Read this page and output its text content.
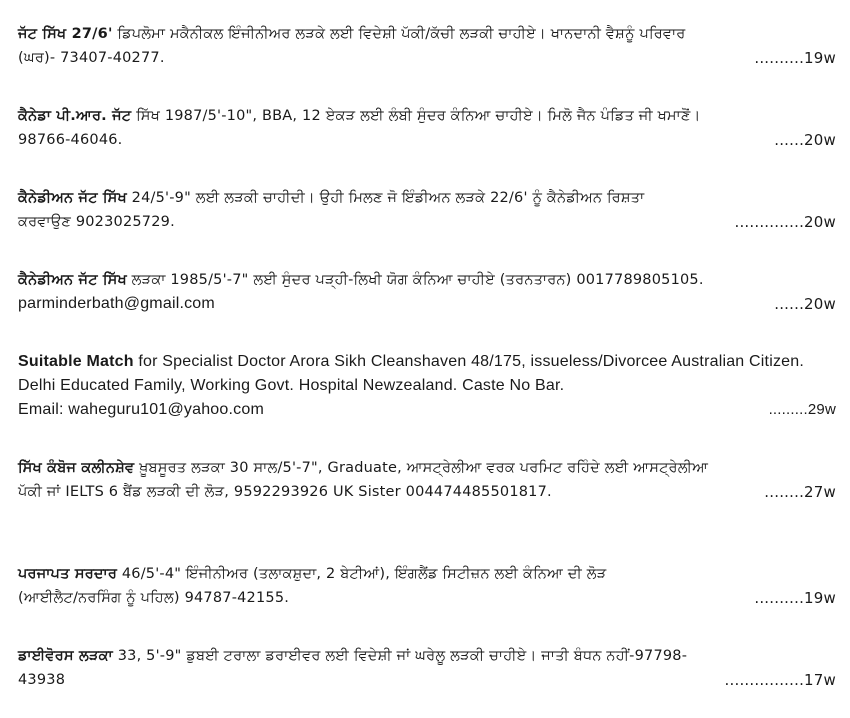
ਜੱਟ ਸਿੱਖ 27/6' ਡਿਪਲੋਮਾ ਮਕੈਨੀਕਲ ਇੰਜੀਨੀਅਰ ਲੜਕੇ ਲਈ ਵਿਦੇਸ਼ੀ ਪੱਕੀ/ਕੱਚੀ ਲੜਕੀ ਚਾਹੀਏ। ਖਾਨਦਾਨੀ ਵੈਸ਼ਨੂੰ ਪਰਿਵਾਰ
(ਘਰ)- 73407-40277.	..........19w
ਕੈਨੇਡਾ ਪੀ.ਆਰ. ਜੱਟ ਸਿੱਖ 1987/5'-10", BBA, 12 ਏਕੜ ਲਈ ਲੰਬੀ ਸੁੰਦਰ ਕੰਨਿਆ ਚਾਹੀਏ। ਮਿਲੋ ਜੈਨ ਪੰਡਿਤ ਜੀ ਖਮਾਣੋਂ।
98766-46046.	......20w
ਕੈਨੇਡੀਅਨ ਜੱਟ ਸਿੱਖ 24/5'-9" ਲਈ ਲੜਕੀ ਚਾਹੀਦੀ। ਉਹੀ ਮਿਲਣ ਜੋ ਇੰਡੀਅਨ ਲੜਕੇ 22/6' ਨੂੰ ਕੈਨੇਡੀਅਨ ਰਿਸ਼ਤਾ
ਕਰਵਾਉਣ 9023025729.	..............20w
ਕੈਨੇਡੀਅਨ ਜੱਟ ਸਿੱਖ ਲੜਕਾ 1985/5'-7" ਲਈ ਸੁੰਦਰ ਪੜ੍ਹੀ-ਲਿਖੀ ਯੋਗ ਕੰਨਿਆ ਚਾਹੀਏ (ਤਰਨਤਾਰਨ) 0017789805105.
parminderbath@gmail.com	......20w
Suitable Match for Specialist Doctor Arora Sikh Cleanshaven 48/175, issueless/Divorcee Australian Citizen. Delhi Educated Family, Working Govt. Hospital Newzealand. Caste No Bar.
Email: waheguru101@yahoo.com	.........29w
ਸਿੱਖ ਕੰਬੋਜ ਕਲੀਨਸ਼ੇਵ ਖ਼ੂਬਸੂਰਤ ਲੜਕਾ 30 ਸਾਲ/5'-7", Graduate, ਆਸਟ੍ਰੇਲੀਆ ਵਰਕ ਪਰਮਿਟ ਰਹਿੰਦੇ ਲਈ ਆਸਟ੍ਰੇਲੀਆ
ਪੱਕੀ ਜਾਂ IELTS 6 ਬੈਂਡ ਲੜਕੀ ਦੀ ਲੋੜ, 9592293926 UK Sister 004474485501817.	........27w
ਪਰਜਾਪਤ ਸਰਦਾਰ 46/5'-4" ਇੰਜੀਨੀਅਰ (ਤਲਾਕਸ਼ੁਦਾ, 2 ਬੇਟੀਆਂ), ਇੰਗਲੈਂਡ ਸਿਟੀਜ਼ਨ ਲਈ ਕੰਨਿਆ ਦੀ ਲੋੜ
(ਆਈਲੈਟ/ਨਰਸਿੰਗ ਨੂੰ ਪਹਿਲ) 94787-42155.	..........19w
ਡਾਈਵੋਰਸ ਲੜਕਾ 33, 5'-9" ਡੁਬਈ ਟਰਾਲਾ ਡਰਾਈਵਰ ਲਈ ਵਿਦੇਸ਼ੀ ਜਾਂ ਘਰੇਲੂ ਲੜਕੀ ਚਾਹੀਏ। ਜਾਤੀ ਬੰਧਨ ਨਹੀਂ-97798-
43938	................17w
